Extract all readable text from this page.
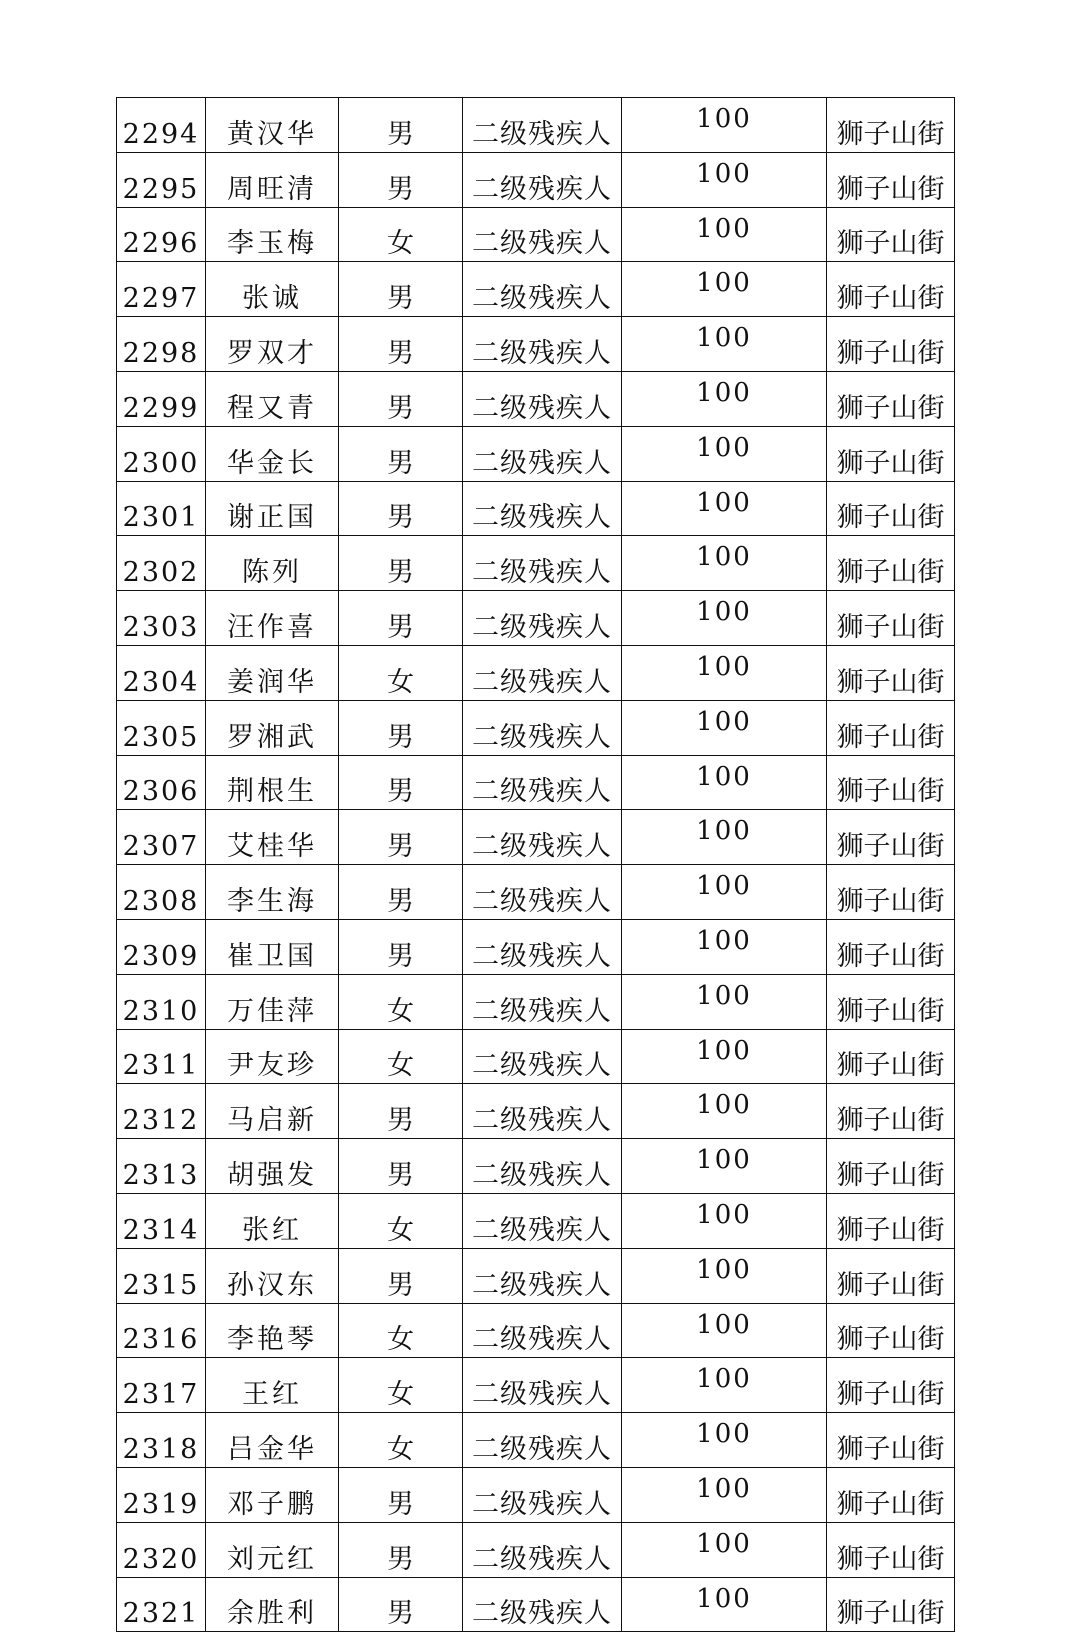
2294	黄汉华	男	二级残疾人	100	狮子山街
2295	周旺清	男	二级残疾人	100	狮子山街
2296	李玉梅	女	二级残疾人	100	狮子山街
2297	张诚	男	二级残疾人	100	狮子山街
2298	罗双才	男	二级残疾人	100	狮子山街
2299	程又青	男	二级残疾人	100	狮子山街
2300	华金长	男	二级残疾人	100	狮子山街
2301	谢正国	男	二级残疾人	100	狮子山街
2302	陈列	男	二级残疾人	100	狮子山街
2303	汪作喜	男	二级残疾人	100	狮子山街
2304	姜润华	女	二级残疾人	100	狮子山街
2305	罗湘武	男	二级残疾人	100	狮子山街
2306	荆根生	男	二级残疾人	100	狮子山街
2307	艾桂华	男	二级残疾人	100	狮子山街
2308	李生海	男	二级残疾人	100	狮子山街
2309	崔卫国	男	二级残疾人	100	狮子山街
2310	万佳萍	女	二级残疾人	100	狮子山街
2311	尹友珍	女	二级残疾人	100	狮子山街
2312	马启新	男	二级残疾人	100	狮子山街
2313	胡强发	男	二级残疾人	100	狮子山街
2314	张红	女	二级残疾人	100	狮子山街
2315	孙汉东	男	二级残疾人	100	狮子山街
2316	李艳琴	女	二级残疾人	100	狮子山街
2317	王红	女	二级残疾人	100	狮子山街
2318	吕金华	女	二级残疾人	100	狮子山街
2319	邓子鹏	男	二级残疾人	100	狮子山街
2320	刘元红	男	二级残疾人	100	狮子山街
2321	余胜利	男	二级残疾人	100	狮子山街
